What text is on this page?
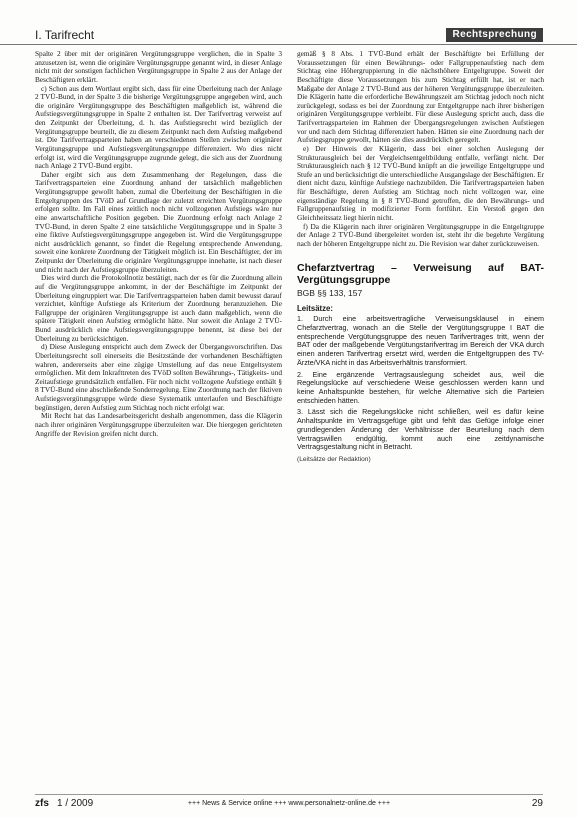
I. Tarifrecht	Rechtsprechung

Spalte 2 über mit der originären Vergütungsgruppe verglichen, die in Spalte 3 anzusetzen ist, wenn die originäre Vergütungsgruppe genannt wird, in dieser Anlage nicht mit der sonstigen fachlichen Vergütungsgruppe in Spalte 2 aus der Anlage der Beschäftigten erklärt.

c) Schon aus dem Wortlaut ergibt sich, dass für eine Überleitung nach der Anlage 2 TVÜ-Bund, in der Spalte 3 die bisherige Vergütungsgruppe angegeben wird, auch die originäre Vergütungsgruppe des Beschäftigten maßgeblich ist, während die Aufstiegsvergütungsgruppe in Spalte 2 enthalten ist. Der Tarifvertrag verweist auf den Zeitpunkt der Überleitung, d. h. das Aufstiegsrecht wird bezüglich der Vergütungsgruppe beurteilt, die zu diesem Zeitpunkt nach dem Aufstieg maßgebend ist. Die Tarifvertragsparteien haben an verschiedenen Stellen zwischen originärer Vergütungsgruppe und Aufstiegsvergütungsgruppe differenziert. Wo dies nicht erfolgt ist, wird die Vergütungsgruppe zugrunde gelegt, die sich aus der Zuordnung nach Anlage 2 TVÜ-Bund ergibt.

Daher ergibt sich aus dem Zusammenhang der Regelungen, dass die Tarifvertragsparteien eine Zuordnung anhand der tatsächlich maßgeblichen Vergütungsgruppe gewollt haben, zumal die Überleitung der Beschäftigten in die Entgeltgruppen des TVöD auf Grundlage der zuletzt erreichten Vergütungsgruppe erfolgen sollte. Im Fall eines zeitlich noch nicht vollzogenen Aufstiegs wäre nur eine anwartschaftliche Position gegeben. Die Zuordnung erfolgt nach Anlage 2 TVÜ-Bund, in deren Spalte 2 eine tatsächliche Vergütungsgruppe und in Spalte 3 eine fiktive Aufstiegsvergütungsgruppe angegeben ist. Wird die Vergütungsgruppe nicht ausdrücklich genannt, so findet die Regelung entsprechende Anwendung, soweit eine konkrete Zuordnung der Tätigkeit möglich ist. Ein Beschäftigter, der im Zeitpunkt der Überleitung die originäre Vergütungsgruppe innehatte, ist nach dieser und nicht nach der Aufstiegsgruppe überzuleiten.

Dies wird durch die Protokollnotiz bestätigt, nach der es für die Zuordnung allein auf die Vergütungsgruppe ankommt, in der der Beschäftigte im Zeitpunkt der Überleitung eingruppiert war. Die Tarifvertragsparteien haben damit bewusst darauf verzichtet, künftige Aufstiege als Kriterium der Zuordnung heranzuziehen. Die Fallgruppe der originären Vergütungsgruppe ist auch dann maßgeblich, wenn die spätere Tätigkeit einen Aufstieg ermöglicht hätte. Nur soweit die Anlage 2 TVÜ-Bund ausdrücklich eine Aufstiegsvergütungsgruppe benennt, ist diese bei der Überleitung zu berücksichtigen.

d) Diese Auslegung entspricht auch dem Zweck der Übergangsvorschriften. Das Überleitungsrecht soll einerseits die Besitzstände der vorhandenen Beschäftigten wahren, andererseits aber eine zügige Umstellung auf das neue Entgeltsystem ermöglichen. Mit dem Inkrafttreten des TVöD sollten Bewährungs-, Tätigkeits- und Zeitaufstiege grundsätzlich entfallen. Für noch nicht vollzogene Aufstiege enthält § 8 TVÜ-Bund eine abschließende Sonderregelung. Eine Zuordnung nach der fiktiven Aufstiegsvergütungsgruppe würde diese Systematik unterlaufen und Beschäftigte begünstigen, deren Aufstieg zum Stichtag noch nicht erfolgt war.

Mit Recht hat das Landesarbeitsgericht deshalb angenommen, dass die Klägerin nach ihrer originären Vergütungsgruppe überzuleiten war. Die hiergegen gerichteten Angriffe der Revision greifen nicht durch.

gemäß § 8 Abs. 1 TVÜ-Bund erhält der Beschäftigte bei Erfüllung der Voraussetzungen für einen Bewährungs- oder Fallgruppenaufstieg nach dem Stichtag eine Höhergruppierung in die nächsthöhere Entgeltgruppe. Soweit der Beschäftigte diese Voraussetzungen bis zum Stichtag erfüllt hat, ist er nach Maßgabe der Anlage 2 TVÜ-Bund aus der höheren Vergütungsgruppe überzuleiten. Die Klägerin hatte die erforderliche Bewährungszeit am Stichtag jedoch noch nicht zurückgelegt, sodass es bei der Zuordnung zur Entgeltgruppe nach ihrer bisherigen originären Vergütungsgruppe verbleibt. Für diese Auslegung spricht auch, dass die Tarifvertragsparteien im Rahmen der Übergangsregelungen zwischen Aufstiegen vor und nach dem Stichtag differenziert haben. Hätten sie eine Zuordnung nach der Aufstiegsgruppe gewollt, hätten sie dies ausdrücklich geregelt.

e) Der Hinweis der Klägerin, dass bei einer solchen Auslegung der Strukturausgleich bei der Vergleichsentgeltbildung entfalle, verfängt nicht. Der Strukturausgleich nach § 12 TVÜ-Bund knüpft an die jeweilige Entgeltgruppe und Stufe an und berücksichtigt die unterschiedliche Ausgangslage der Beschäftigten. Er dient nicht dazu, künftige Aufstiege nachzubilden. Die Tarifvertragsparteien haben für Beschäftigte, deren Aufstieg am Stichtag noch nicht vollzogen war, eine eigenständige Regelung in § 8 TVÜ-Bund getroffen, die den Bewährungs- und Fallgruppenaufstieg in modifizierter Form fortführt. Ein Verstoß gegen den Gleichheitssatz liegt hierin nicht.

f) Da die Klägerin nach ihrer originären Vergütungsgruppe in die Entgeltgruppe der Anlage 2 TVÜ-Bund übergeleitet worden ist, steht ihr die begehrte Vergütung nach der höheren Entgeltgruppe nicht zu. Die Revision war daher zurückzuweisen.

Chefarztvertrag – Verweisung auf BAT-Vergütungsgruppe
BGB §§ 133, 157
Leitsätze:
1. Durch eine arbeitsvertragliche Verweisungsklausel in einem Chefarztvertrag, wonach an die Stelle der Vergütungsgruppe I BAT die entsprechende Vergütungsgruppe des neuen Tarifvertrages tritt, wenn der BAT oder der maßgebende Vergütungstarifvertrag im Bereich der VKA durch einen anderen Tarifvertrag ersetzt wird, werden die Entgeltgruppen des TV-Ärzte/VKA nicht in das Arbeitsverhältnis transformiert.
2. Eine ergänzende Vertragsauslegung scheidet aus, weil die Regelungslücke auf verschiedene Weise geschlossen werden kann und keine Anhaltspunkte bestehen, für welche Alternative sich die Parteien entschieden hätten.
3. Lässt sich die Regelungslücke nicht schließen, weil es dafür keine Anhaltspunkte im Vertragsgefüge gibt und fehlt das Gefüge infolge einer grundlegenden Änderung der Verhältnisse der Beurteilung nach dem Vertragswillen endgültig, kommt auch eine zeitdynamische Vertragsgestaltung nicht in Betracht.
(Leitsätze der Redaktion)
zfs 1 / 2009	+++ News & Service online +++ www.personalnetz-online.de +++	29
